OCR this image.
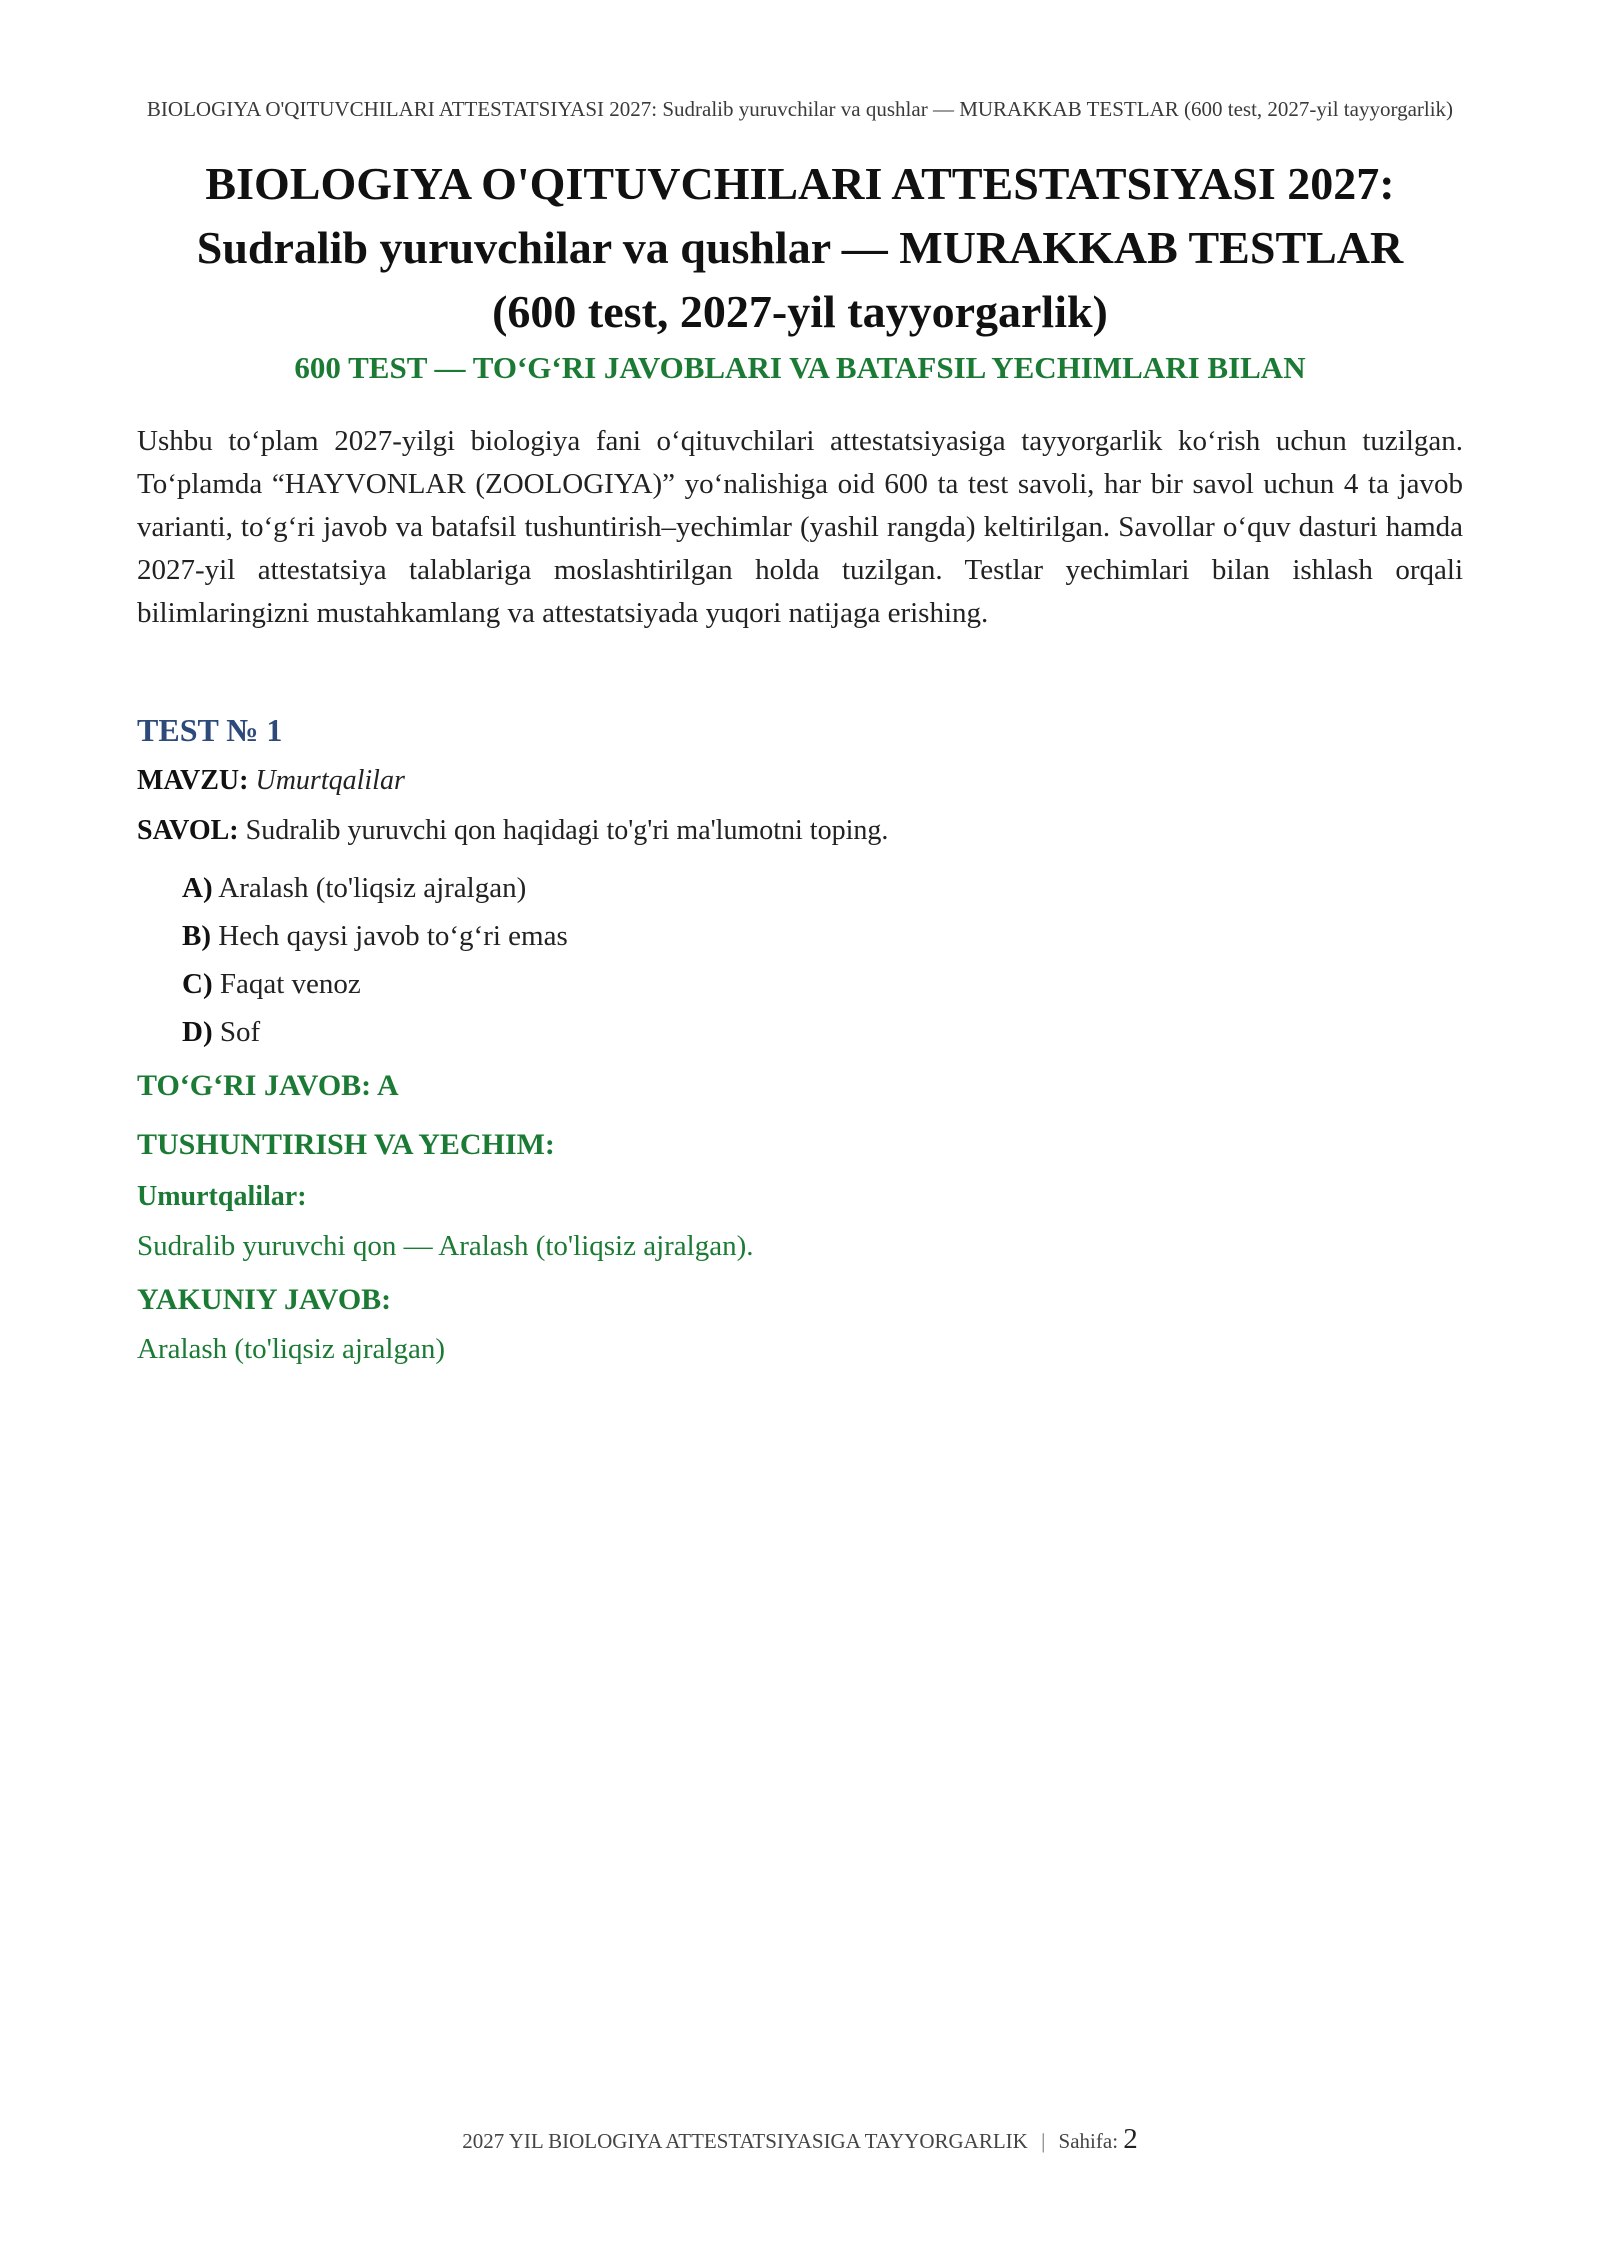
BIOLOGIYA O'QITUVCHILARI ATTESTATSIYASI 2027: Sudralib yuruvchilar va qushlar — MURAKKAB TESTLAR (600 test, 2027-yil tayyorgarlik)
BIOLOGIYA O'QITUVCHILARI ATTESTATSIYASI 2027:
Sudralib yuruvchilar va qushlar — MURAKKAB TESTLAR
(600 test, 2027-yil tayyorgarlik)
600 TEST — TO‘G‘RI JAVOBLARI VA BATAFSIL YECHIMLARI BILAN

Ushbu to‘plam 2027-yilgi biologiya fani o‘qituvchilari attestatsiyasiga tayyorgarlik ko‘rish uchun tuzilgan. To‘plamda “HAYVONLAR (ZOOLOGIYA)” yo‘nalishiga oid 600 ta test savoli, har bir savol uchun 4 ta javob varianti, to‘g‘ri javob va batafsil tushuntirish–yechimlar (yashil rangda) keltirilgan. Savollar o‘quv dasturi hamda 2027-yil attestatsiya talablariga moslashtirilgan holda tuzilgan. Testlar yechimlari bilan ishlash orqali bilimlaringizni mustahkamlang va attestatsiyada yuqori natijaga erishing.

TEST № 1
MAVZU: Umurtqalilar
SAVOL: Sudralib yuruvchi qon haqidagi to'g'ri ma'lumotni toping.
A) Aralash (to'liqsiz ajralgan)
B) Hech qaysi javob to‘g‘ri emas
C) Faqat venoz
D) Sof
TO‘G‘RI JAVOB: A
TUSHUNTIRISH VA YECHIM:
Umurtqalilar:
Sudralib yuruvchi qon — Aralash (to'liqsiz ajralgan).
YAKUNIY JAVOB:
Aralash (to'liqsiz ajralgan)
2027 YIL BIOLOGIYA ATTESTATSIYASIGA TAYYORGARLIK | Sahifa: 2
